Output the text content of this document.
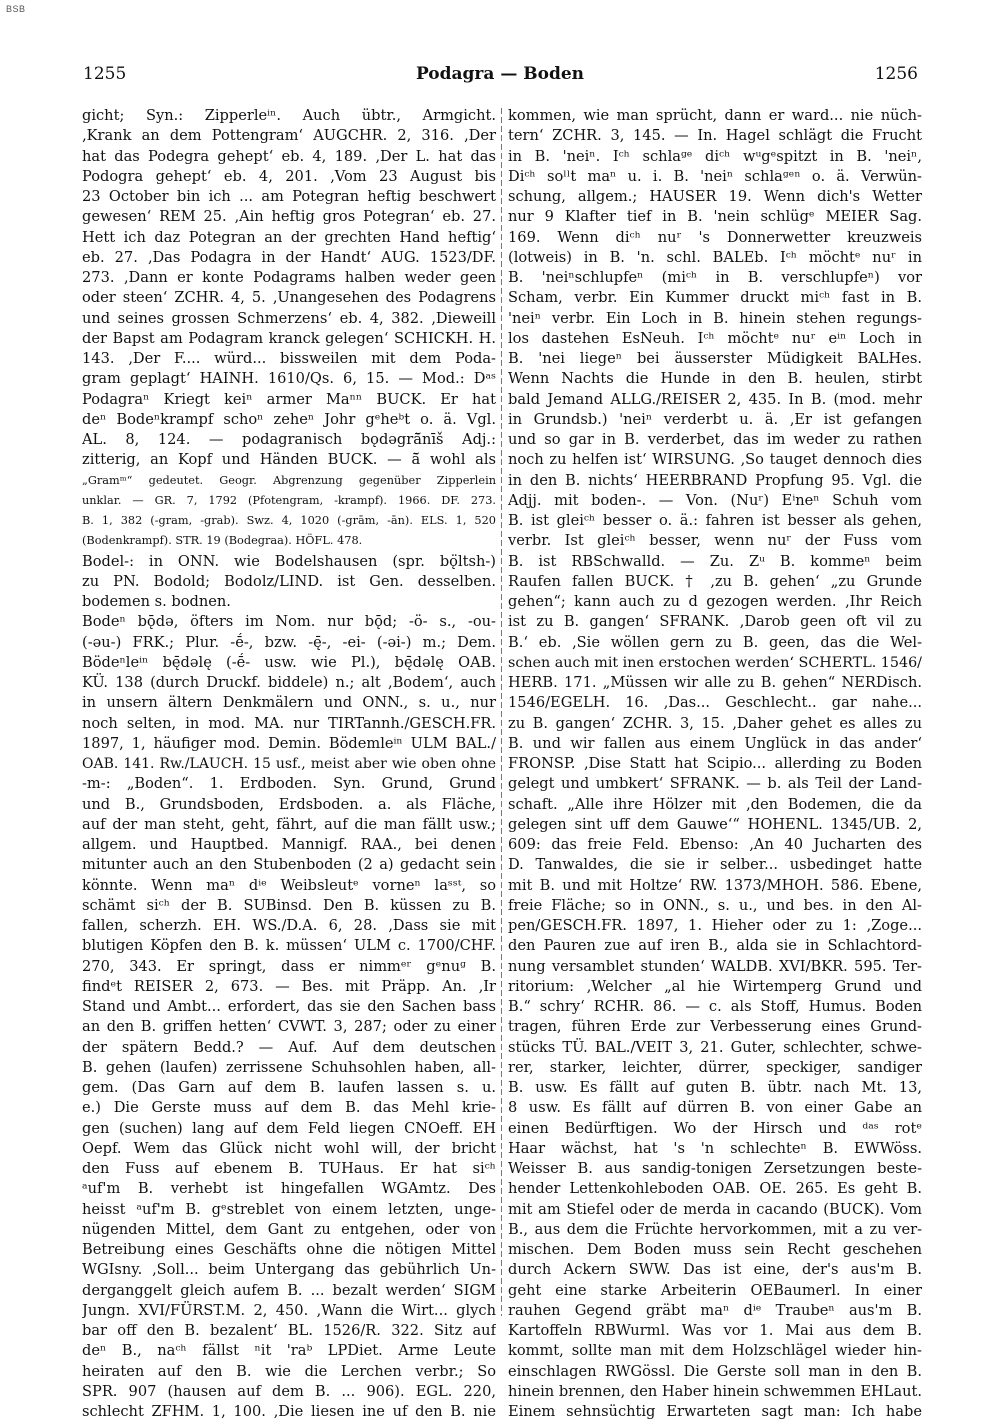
BSB
1255	Podagra — Boden	1256
gicht; Syn.: Zipperleⁱⁿ. Auch übtr., Armgicht.
‚Krank an dem Pottengram‘ AUGCHR. 2, 316. ‚Der
hat das Podegra gehept‘ eb. 4, 189. ‚Der L. hat das
Podogra gehept‘ eb. 4, 201. ‚Vom 23 August bis
23 October bin ich ... am Potegran heftig beschwert
gewesen‘ REM 25. ‚Ain heftig gros Potegran‘ eb. 27.
Hett ich daz Potegran an der grechten Hand heftig‘
eb. 27. ‚Das Podagra in der Handt‘ AUG. 1523/DF.
273. ‚Dann er konte Podagrams halben weder geen
oder steen‘ ZCHR. 4, 5. ‚Unangesehen des Podagrens
und seines grossen Schmerzens‘ eb. 4, 382. ‚Dieweill
der Bapst am Podagram kranck gelegen‘ SCHICKH. H.
143. ‚Der F.... würd... bissweilen mit dem Poda-
gram geplagt‘ HAINH. 1610/Qs. 6, 15. — Mod.: Dᵃˢ
Podagraⁿ Kriegt keiⁿ armer Maⁿⁿ BUCK. Er hat
deⁿ Bodeⁿkrampf schoⁿ zeheⁿ Johr gᵉheᵇt o. ä. Vgl.
AL. 8, 124. — podagranisch bǫdǝgrā̆nīš Adj.:
zitterig, an Kopf und Händen BUCK. — ā̆ wohl als
„Gramᵐ“ gedeutet. Geogr. Abgrenzung gegenüber Zipperlein
unklar. — GR. 7, 1792 (Pfotengram, -krampf). 1966. DF. 273.
B. 1, 382 (-gram, -grab). Swz. 4, 1020 (-grām, -ān). ELS. 1, 520
(Bodenkrampf). STR. 19 (Bodegraa). HÖFL. 478.
Bodel-: in ONN. wie Bodelshausen (spr. bǫ̈ltsh-)
zu PN. Bodold; Bodolz/LIND. ist Gen. desselben.
bodemen s. bodnen.
Bodeⁿ bǭdǝ, öfters im Nom. nur bǭd; -ö- s., -ou-
(-ǝu-) FRK.; Plur. -ḗ-, bzw. -ę̄-, -ei- (-ǝi-) m.; Dem.
Bödeⁿleⁱⁿ bę̄dǝlę (-ḗ- usw. wie Pl.), bę̄dǝlę OAB.
KÜ. 138 (durch Druckf. biddele) n.; alt ‚Bodem‘, auch
in unsern ältern Denkmälern und ONN., s. u., nur
noch selten, in mod. MA. nur TIRTannh./GESCH.FR.
1897, 1, häufiger mod. Demin. Bödemleⁱⁿ ULM BAL./
OAB. 141. Rw./LAUCH. 15 usf., meist aber wie oben ohne
-m-: „Boden“. 1. Erdboden. Syn. Grund, Grund
und B., Grundsboden, Erdsboden. a. als Fläche,
auf der man steht, geht, fährt, auf die man fällt usw.;
allgem. und Hauptbed. Mannigf. RAA., bei denen
mitunter auch an den Stubenboden (2 a) gedacht sein
könnte. Wenn maⁿ dⁱᵉ Weibsleutᵉ vorneⁿ laˢˢᵗ, so
schämt siᶜʰ der B. SUBinsd. Den B. küssen zu B.
fallen, scherzh. EH. WS./D.A. 6, 28. ‚Dass sie mit
blutigen Köpfen den B. k. müssen‘ ULM c. 1700/CHF.
270, 343. Er springt, dass er nimmᵉʳ gᵉnuᵍ B.
findᵉt REISER 2, 673. — Bes. mit Präpp. An. ‚Ir
Stand und Ambt... erfordert, das sie den Sachen bass
an den B. griffen hetten‘ CVWT. 3, 287; oder zu einer
der spätern Bedd.? — Auf. Auf dem deutschen
B. gehen (laufen) zerrissene Schuhsohlen haben, all-
gem. (Das Garn auf dem B. laufen lassen s. u.
e.) Die Gerste muss auf dem B. das Mehl krie-
gen (suchen) lang auf dem Feld liegen CNOeff. EH
Oepf. Wem das Glück nicht wohl will, der bricht
den Fuss auf ebenem B. TUHaus. Er hat siᶜʰ
ᵃuf'm B. verhebt ist hingefallen WGAmtz. Des
heisst ᵃuf'm B. gᵉstreblet von einem letzten, unge-
nügenden Mittel, dem Gant zu entgehen, oder von
Betreibung eines Geschäfts ohne die nötigen Mittel
WGIsny. ‚Soll... beim Untergang das gebührlich Un-
derganggelt gleich aufem B. ... bezalt werden‘ SIGM
Jungn. XVI/FÜRST.M. 2, 450. ‚Wann die Wirt... glych
bar off den B. bezalent‘ BL. 1526/R. 322. Sitz auf
deⁿ B., naᶜʰ fällst ⁿit 'raᵇ LPDiet. Arme Leute
heiraten auf den B. wie die Lerchen verbr.; So
SPR. 907 (hausen auf dem B. ... 906). EGL. 220,
schlecht ZFHM. 1, 100. ‚Die liesen ine uf den B. nie
kommen, wie man sprücht, dann er ward... nie nüch-
tern‘ ZCHR. 3, 145. — In. Hagel schlägt die Frucht
in B. 'neiⁿ. Iᶜʰ schlaᵍᵉ diᶜʰ wᵘgᵉspitzt in B. 'neiⁿ,
Diᶜʰ soˡˡt maⁿ u. i. B. 'neiⁿ schlaᵍᵉⁿ o. ä. Verwün-
schung, allgem.; HAUSER 19. Wenn dich's Wetter
nur 9 Klafter tief in B. 'nein schlügᵉ MEIER Sag.
169. Wenn diᶜʰ nuʳ 's Donnerwetter kreuzweis
(lotweis) in B. 'n. schl. BALEb. Iᶜʰ möchtᵉ nuʳ in
B. 'neiⁿschlupfeⁿ (miᶜʰ in B. verschlupfeⁿ) vor
Scham, verbr. Ein Kummer druckt miᶜʰ fast in B.
'neiⁿ verbr. Ein Loch in B. hinein stehen regungs-
los dastehen EsNeuh. Iᶜʰ möchtᵉ nuʳ eⁱⁿ Loch in
B. 'nei liegeⁿ bei äusserster Müdigkeit BALHes.
Wenn Nachts die Hunde in den B. heulen, stirbt
bald Jemand ALLG./REISER 2, 435. In B. (mod. mehr
in Grundsb.) 'neiⁿ verderbt u. ä. ‚Er ist gefangen
und so gar in B. verderbet, das im weder zu rathen
noch zu helfen ist‘ WIRSUNG. ‚So tauget dennoch dies
in den B. nichts‘ HEERBRAND Propfung 95. Vgl. die
Adjj. mit boden-. — Von. (Nuʳ) Eⁱneⁿ Schuh vom
B. ist gleiᶜʰ besser o. ä.: fahren ist besser als gehen,
verbr. Ist gleiᶜʰ besser, wenn nuʳ der Fuss vom
B. ist RBSchwalld. — Zu. Zᵘ B. kommeⁿ beim
Raufen fallen BUCK. † ‚zu B. gehen‘ „zu Grunde
gehen“; kann auch zu d gezogen werden. ‚Ihr Reich
ist zu B. gangen‘ SFRANK. ‚Darob geen oft vil zu
B.‘ eb. ‚Sie wöllen gern zu B. geen, das die Wel-
schen auch mit inen erstochen werden‘ SCHERTL. 1546/
HERB. 171. „Müssen wir alle zu B. gehen“ NERDisch.
1546/EGELH. 16. ‚Das... Geschlecht.. gar nahe...
zu B. gangen‘ ZCHR. 3, 15. ‚Daher gehet es alles zu
B. und wir fallen aus einem Unglück in das ander‘
FRONSP. ‚Dise Statt hat Scipio... allerding zu Boden
gelegt und umbkert‘ SFRANK. — b. als Teil der Land-
schaft. „Alle ihre Hölzer mit ‚den Bodemen, die da
gelegen sint uff dem Gauwe‘“ HOHENL. 1345/UB. 2,
609: das freie Feld. Ebenso: ‚An 40 Jucharten des
D. Tanwaldes, die sie ir selber... usbedinget hatte
mit B. und mit Holtze‘ RW. 1373/MHOH. 586. Ebene,
freie Fläche; so in ONN., s. u., und bes. in den Al-
pen/GESCH.FR. 1897, 1. Hieher oder zu 1: ‚Zoge...
den Pauren zue auf iren B., alda sie in Schlachtord-
nung versamblet stunden‘ WALDB. XVI/BKR. 595. Ter-
ritorium: ‚Welcher „al hie Wirtemperg Grund und
B.“ schry‘ RCHR. 86. — c. als Stoff, Humus. Boden
tragen, führen Erde zur Verbesserung eines Grund-
stücks TÜ. BAL./VEIT 3, 21. Guter, schlechter, schwe-
rer, starker, leichter, dürrer, speckiger, sandiger
B. usw. Es fällt auf guten B. übtr. nach Mt. 13,
8 usw. Es fällt auf dürren B. von einer Gabe an
einen Bedürftigen. Wo der Hirsch und ᵈᵃˢ rotᵉ
Haar wächst, hat 's 'n schlechteⁿ B. EWWöss.
Weisser B. aus sandig-tonigen Zersetzungen beste-
hender Lettenkohleboden OAB. OE. 265. Es geht B.
mit am Stiefel oder de merda in cacando (BUCK). Vom
B., aus dem die Früchte hervorkommen, mit a zu ver-
mischen. Dem Boden muss sein Recht geschehen
durch Ackern SWW. Das ist eine, der's aus'm B.
geht eine starke Arbeiterin OEBaumerl. In einer
rauhen Gegend gräbt maⁿ dⁱᵉ Traubeⁿ aus'm B.
Kartoffeln RBWurml. Was vor 1. Mai aus dem B.
kommt, sollte man mit dem Holzschlägel wieder hin-
einschlagen RWGössl. Die Gerste soll man in den B.
hinein brennen, den Haber hinein schwemmen EHLaut.
Einem sehnsüchtig Erwarteten sagt man: Ich habe
